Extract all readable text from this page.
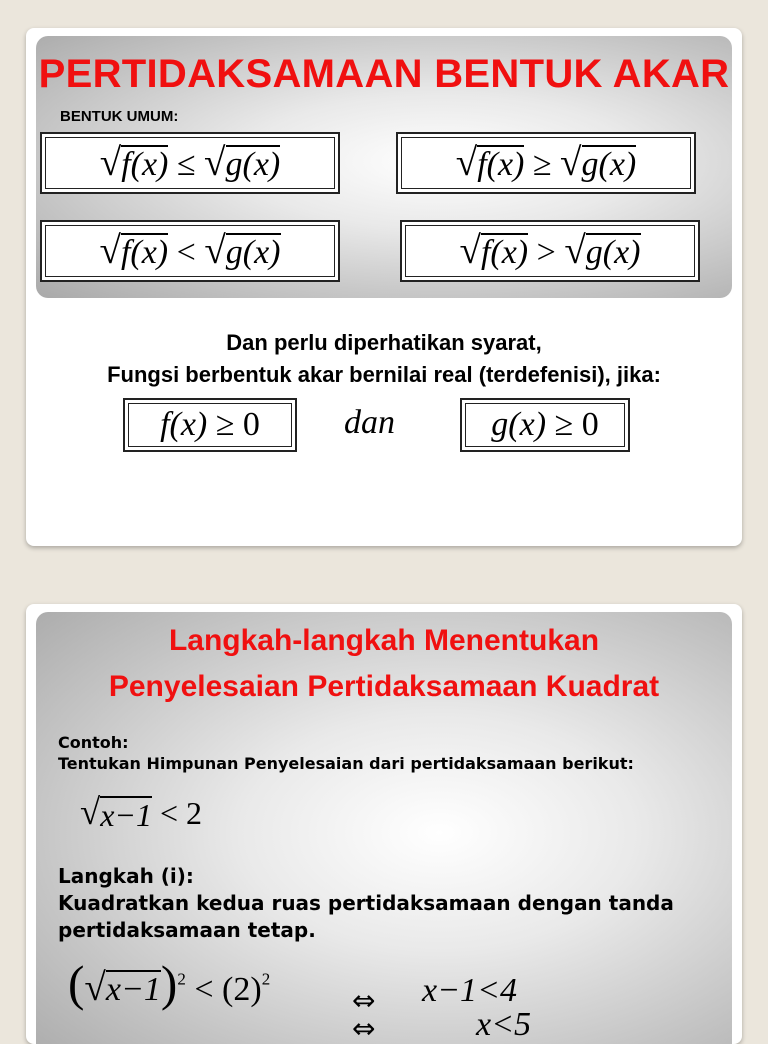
PERTIDAKSAMAAN BENTUK AKAR
BENTUK UMUM:
√ f(x) ≤ √ g(x)	√ f(x) ≥ √ g(x)
√ f(x) < √ g(x)	√ f(x) > √ g(x)
Dan perlu diperhatikan syarat,
Fungsi berbentuk akar bernilai real (terdefenisi), jika:
f(x) ≥ 0 dan	g(x) ≥ 0
Langkah-langkah Menentukan
Penyelesaian Pertidaksamaan Kuadrat
Contoh:
Tentukan Himpunan Penyelesaian dari pertidaksamaan berikut:
√ x−1 < 2
Langkah (i):
Kuadratkan kedua ruas pertidaksamaan dengan tanda pertidaksamaan tetap.
( √ x−1 )$^2 < (2)^2$
⇔
⇔
x−1<4
x<5
